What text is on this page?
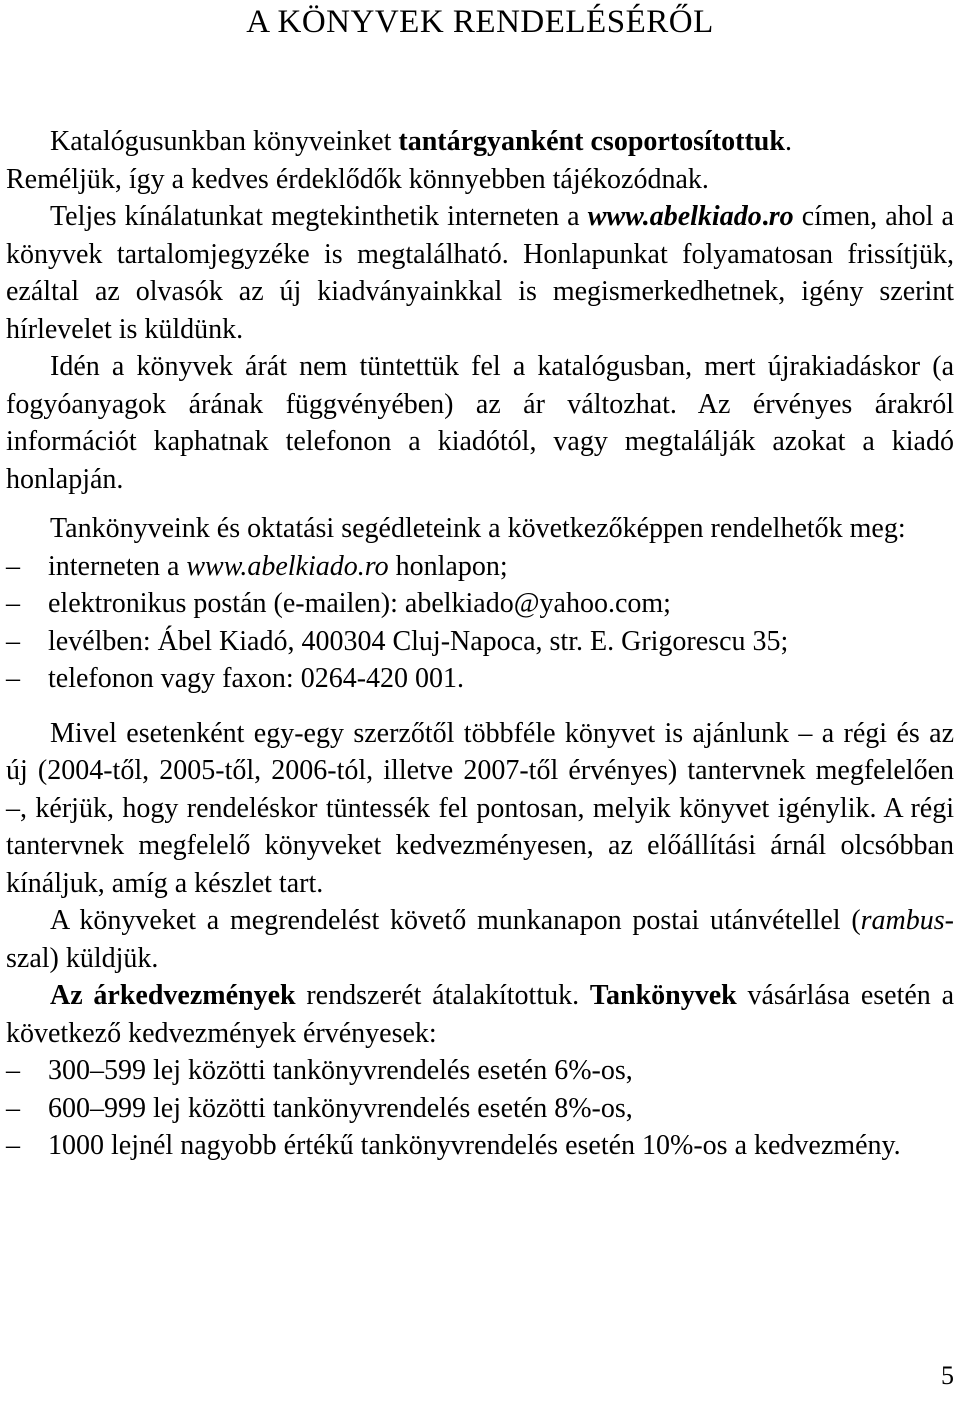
A KÖNYVEK RENDELÉSÉRŐL

Katalógusunkban könyveinket tantárgyanként csoportosítottuk.

Reméljük, így a kedves érdeklődők könnyebben tájékozódnak.

Teljes kínálatunkat megtekinthetik interneten a www.abelkiado.ro címen, ahol a könyvek tartalomjegyzéke is megtalálható. Honlapunkat folyamatosan frissítjük, ezáltal az olvasók az új kiadványainkkal is megismerkedhetnek, igény szerint hírlevelet is küldünk.

Idén a könyvek árát nem tüntettük fel a katalógusban, mert újrakiadáskor (a fogyóanyagok árának függvényében) az ár változhat. Az érvényes árakról információt kaphatnak telefonon a kiadótól, vagy megtalálják azokat a kiadó honlapján.

Tankönyveink és oktatási segédleteink a következőképpen rendelhetők meg:

– interneten a www.abelkiado.ro honlapon;
– elektronikus postán (e-mailen): abelkiado@yahoo.com;
– levélben: Ábel Kiadó, 400304 Cluj-Napoca, str. E. Grigorescu 35;
– telefonon vagy faxon: 0264-420 001.

Mivel esetenként egy-egy szerzőtől többféle könyvet is ajánlunk – a régi és az új (2004-től, 2005-től, 2006-tól, illetve 2007-től érvényes) tantervnek megfelelően –, kérjük, hogy rendeléskor tüntessék fel pontosan, melyik könyvet igénylik. A régi tantervnek megfelelő könyveket kedvezményesen, az előállítási árnál olcsóbban kínáljuk, amíg a készlet tart.

A könyveket a megrendelést követő munkanapon postai utánvétellel (rambus-szal) küldjük.

Az árkedvezmények rendszerét átalakítottuk. Tankönyvek vásárlása esetén a következő kedvezmények érvényesek:

– 300–599 lej közötti tankönyvrendelés esetén 6%-os,
– 600–999 lej közötti tankönyvrendelés esetén 8%-os,
– 1000 lejnél nagyobb értékű tankönyvrendelés esetén 10%-os a kedvezmény.
5
